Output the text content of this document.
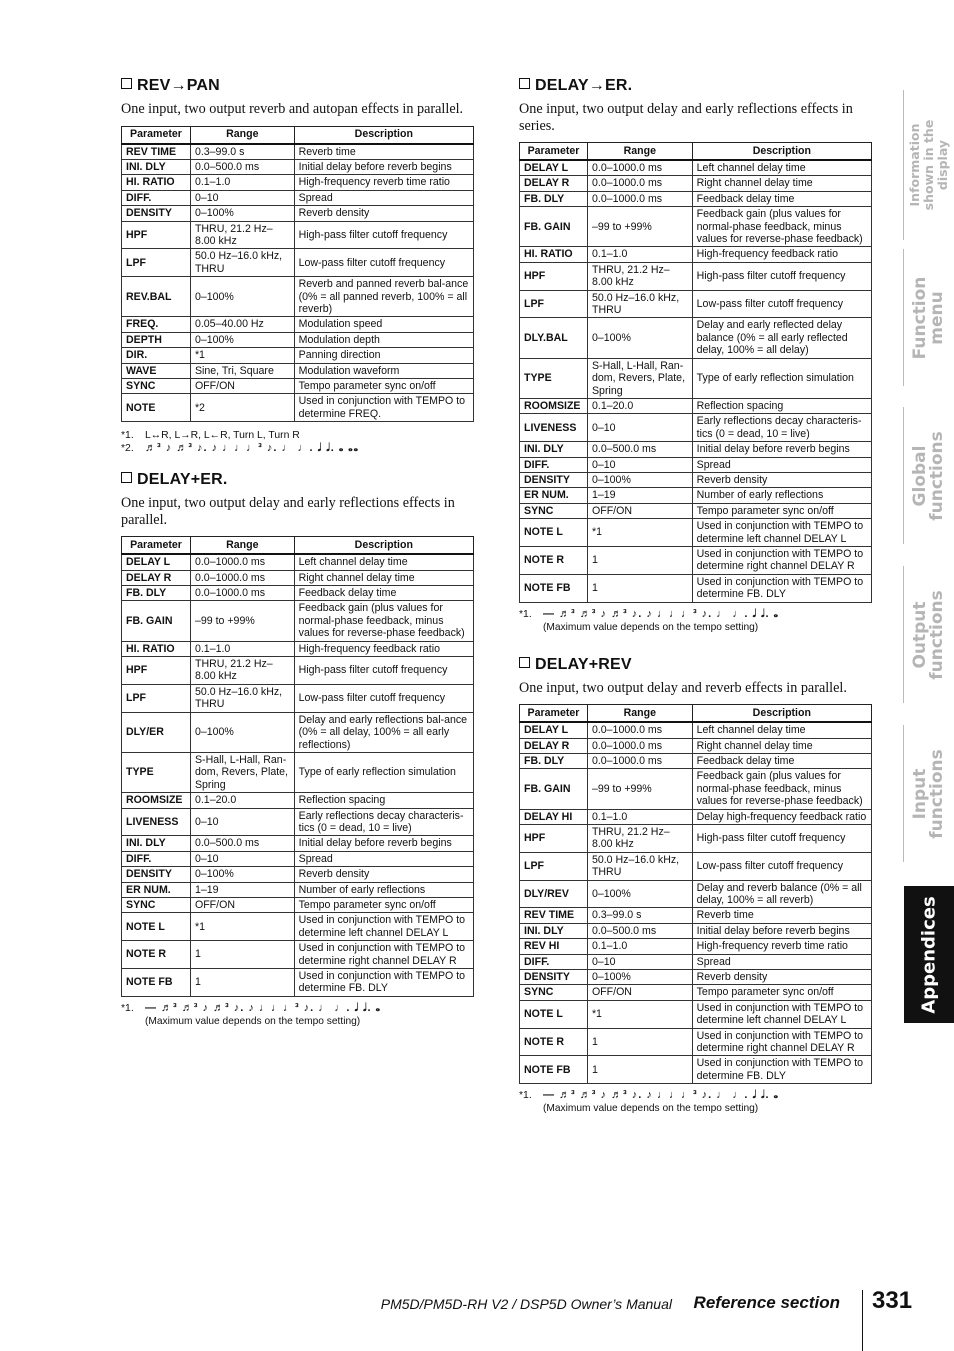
REV→PAN

One input, two output reverb and autopan effects in parallel.

Parameter	Range	Description
REV TIME	0.3–99.0 s	Reverb time
INI. DLY	0.0–500.0 ms	Initial delay before reverb begins
HI. RATIO	0.1–1.0	High-frequency reverb time ratio
DIFF.	0–10	Spread
DENSITY	0–100%	Reverb density
HPF	THRU, 21.2 Hz–8.00 kHz	High-pass filter cutoff frequency
LPF	50.0 Hz–16.0 kHz, THRU	Low-pass filter cutoff frequency
REV.BAL	0–100%	Reverb and panned reverb bal-ance (0% = all panned reverb, 100% = all reverb)
FREQ.	0.05–40.00 Hz	Modulation speed
DEPTH	0–100%	Modulation depth
DIR.	*1	Panning direction
WAVE	Sine, Tri, Square	Modulation waveform
SYNC	OFF/ON	Tempo parameter sync on/off
NOTE	*2	Used in conjunction with TEMPO to determine FREQ.
*1. L↔R, L→R, L←R, Turn L, Turn R
*2. ♬³ ♪ ♬³ ♪. ♪ ♩♩♩³ ♪. ♩ ♩. 𝅗𝅥 𝅗𝅥. 𝅝 𝅝𝅝
DELAY+ER.

One input, two output delay and early reflections effects in parallel.

Parameter	Range	Description
DELAY L	0.0–1000.0 ms	Left channel delay time
DELAY R	0.0–1000.0 ms	Right channel delay time
FB. DLY	0.0–1000.0 ms	Feedback delay time
FB. GAIN	–99 to +99%	Feedback gain (plus values for normal-phase feedback, minus values for reverse-phase feedback)
HI. RATIO	0.1–1.0	High-frequency feedback ratio
HPF	THRU, 21.2 Hz–8.00 kHz	High-pass filter cutoff frequency
LPF	50.0 Hz–16.0 kHz, THRU	Low-pass filter cutoff frequency
DLY/ER	0–100%	Delay and early reflections bal-ance (0% = all delay, 100% = all early reflections)
TYPE	S-Hall, L-Hall, Ran-dom, Revers, Plate, Spring	Type of early reflection simulation
ROOMSIZE	0.1–20.0	Reflection spacing
LIVENESS	0–10	Early reflections decay characteris-tics (0 = dead, 10 = live)
INI. DLY	0.0–500.0 ms	Initial delay before reverb begins
DIFF.	0–10	Spread
DENSITY	0–100%	Reverb density
ER NUM.	1–19	Number of early reflections
SYNC	OFF/ON	Tempo parameter sync on/off
NOTE L	*1	Used in conjunction with TEMPO to determine left channel DELAY L
NOTE R	1	Used in conjunction with TEMPO to determine right channel DELAY R
NOTE FB	1	Used in conjunction with TEMPO to determine FB. DLY
*1. — ♬³ ♬³ ♪ ♬³ ♪. ♪ ♩♩♩³ ♪. ♩ ♩. 𝅗𝅥 𝅗𝅥. 𝅝
(Maximum value depends on the tempo setting)
DELAY→ER.

One input, two output delay and early reflections effects in series.

Parameter	Range	Description
DELAY L	0.0–1000.0 ms	Left channel delay time
DELAY R	0.0–1000.0 ms	Right channel delay time
FB. DLY	0.0–1000.0 ms	Feedback delay time
FB. GAIN	–99 to +99%	Feedback gain (plus values for normal-phase feedback, minus values for reverse-phase feedback)
HI. RATIO	0.1–1.0	High-frequency feedback ratio
HPF	THRU, 21.2 Hz–8.00 kHz	High-pass filter cutoff frequency
LPF	50.0 Hz–16.0 kHz, THRU	Low-pass filter cutoff frequency
DLY.BAL	0–100%	Delay and early reflected delay balance (0% = all early reflected delay, 100% = all delay)
TYPE	S-Hall, L-Hall, Ran-dom, Revers, Plate, Spring	Type of early reflection simulation
ROOMSIZE	0.1–20.0	Reflection spacing
LIVENESS	0–10	Early reflections decay characteris-tics (0 = dead, 10 = live)
INI. DLY	0.0–500.0 ms	Initial delay before reverb begins
DIFF.	0–10	Spread
DENSITY	0–100%	Reverb density
ER NUM.	1–19	Number of early reflections
SYNC	OFF/ON	Tempo parameter sync on/off
NOTE L	*1	Used in conjunction with TEMPO to determine left channel DELAY L
NOTE R	1	Used in conjunction with TEMPO to determine right channel DELAY R
NOTE FB	1	Used in conjunction with TEMPO to determine FB. DLY
*1. — ♬³ ♬³ ♪ ♬³ ♪. ♪ ♩♩♩³ ♪. ♩ ♩. 𝅗𝅥 𝅗𝅥. 𝅝
(Maximum value depends on the tempo setting)
DELAY+REV

One input, two output delay and reverb effects in parallel.

Parameter	Range	Description
DELAY L	0.0–1000.0 ms	Left channel delay time
DELAY R	0.0–1000.0 ms	Right channel delay time
FB. DLY	0.0–1000.0 ms	Feedback delay time
FB. GAIN	–99 to +99%	Feedback gain (plus values for normal-phase feedback, minus values for reverse-phase feedback)
DELAY HI	0.1–1.0	Delay high-frequency feedback ratio
HPF	THRU, 21.2 Hz–8.00 kHz	High-pass filter cutoff frequency
LPF	50.0 Hz–16.0 kHz, THRU	Low-pass filter cutoff frequency
DLY/REV	0–100%	Delay and reverb balance (0% = all delay, 100% = all reverb)
REV TIME	0.3–99.0 s	Reverb time
INI. DLY	0.0–500.0 ms	Initial delay before reverb begins
REV HI	0.1–1.0	High-frequency reverb time ratio
DIFF.	0–10	Spread
DENSITY	0–100%	Reverb density
SYNC	OFF/ON	Tempo parameter sync on/off
NOTE L	*1	Used in conjunction with TEMPO to determine left channel DELAY L
NOTE R	1	Used in conjunction with TEMPO to determine right channel DELAY R
NOTE FB	1	Used in conjunction with TEMPO to determine FB. DLY
*1. — ♬³ ♬³ ♪ ♬³ ♪. ♪ ♩♩♩³ ♪. ♩ ♩. 𝅗𝅥 𝅗𝅥. 𝅝
(Maximum value depends on the tempo setting)
Information shown in the display
Function menu
Global functions
Output functions
Input functions
Appendices
PM5D/PM5D-RH V2 / DSP5D Owner’s Manual Reference section 331
